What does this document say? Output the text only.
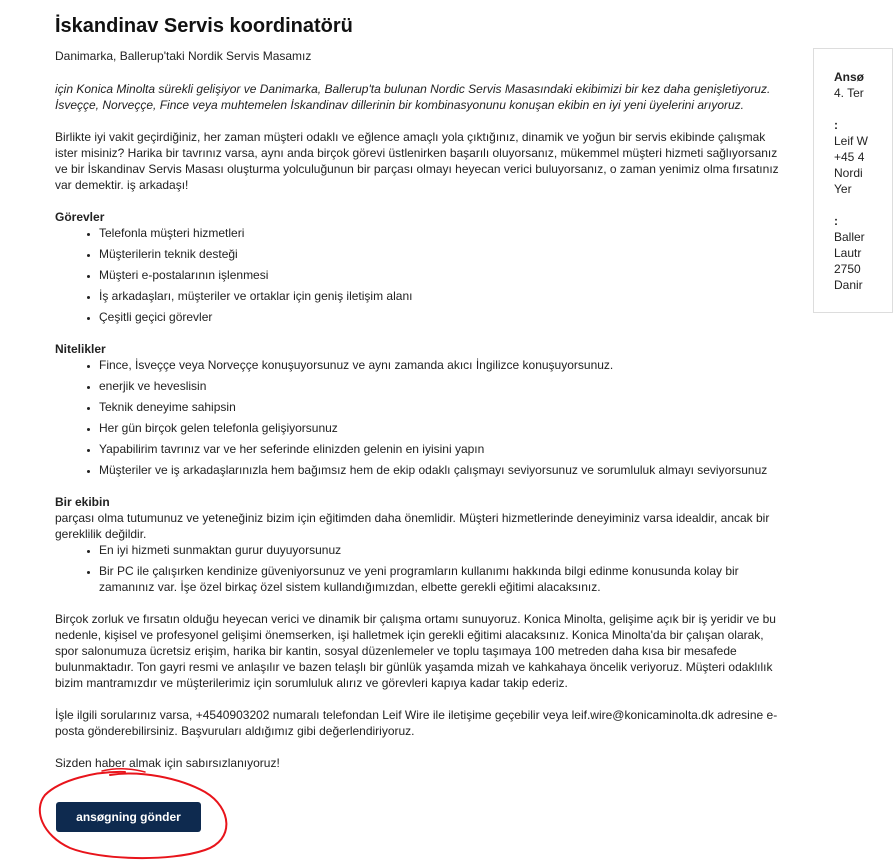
İskandinav Servis koordinatörü

Danimarka, Ballerup'taki Nordik Servis Masamız

için Konica Minolta sürekli gelişiyor ve Danimarka, Ballerup'ta bulunan Nordic Servis Masasındaki ekibimizi bir kez daha genişletiyoruz. İsveççe, Norveççe, Fince veya muhtemelen İskandinav dillerinin bir kombinasyonunu konuşan ekibin en iyi yeni üyelerini arıyoruz.

Birlikte iyi vakit geçirdiğiniz, her zaman müşteri odaklı ve eğlence amaçlı yola çıktığınız, dinamik ve yoğun bir servis ekibinde çalışmak ister misiniz? Harika bir tavrınız varsa, aynı anda birçok görevi üstlenirken başarılı oluyorsanız, mükemmel müşteri hizmeti sağlıyorsanız ve bir İskandinav Servis Masası oluşturma yolculuğunun bir parçası olmayı heyecan verici buluyorsanız, o zaman yenimiz olma fırsatınız var demektir. iş arkadaşı!

Görevler
• Telefonla müşteri hizmetleri
• Müşterilerin teknik desteği
• Müşteri e-postalarının işlenmesi
• İş arkadaşları, müşteriler ve ortaklar için geniş iletişim alanı
• Çeşitli geçici görevler
Nitelikler
• Fince, İsveççe veya Norveççe konuşuyorsunuz ve aynı zamanda akıcı İngilizce konuşuyorsunuz.
• enerjik ve heveslisin
• Teknik deneyime sahipsin
• Her gün birçok gelen telefonla gelişiyorsunuz
• Yapabilirim tavrınız var ve her seferinde elinizden gelenin en iyisini yapın
• Müşteriler ve iş arkadaşlarınızla hem bağımsız hem de ekip odaklı çalışmayı seviyorsunuz ve sorumluluk almayı seviyorsunuz
Bir ekibin

parçası olma tutumunuz ve yeteneğiniz bizim için eğitimden daha önemlidir. Müşteri hizmetlerinde deneyiminiz varsa idealdir, ancak bir gereklilik değildir.

• En iyi hizmeti sunmaktan gurur duyuyorsunuz
• Bir PC ile çalışırken kendinize güveniyorsunuz ve yeni programların kullanımı hakkında bilgi edinme konusunda kolay bir zamanınız var. İşe özel birkaç özel sistem kullandığımızdan, elbette gerekli eğitimi alacaksınız.

Birçok zorluk ve fırsatın olduğu heyecan verici ve dinamik bir çalışma ortamı sunuyoruz. Konica Minolta, gelişime açık bir iş yeridir ve bu nedenle, kişisel ve profesyonel gelişimi önemserken, işi halletmek için gerekli eğitimi alacaksınız. Konica Minolta'da bir çalışan olarak, spor salonumuza ücretsiz erişim, harika bir kantin, sosyal düzenlemeler ve toplu taşımaya 100 metreden daha kısa bir mesafede bulunmaktadır. Ton gayri resmi ve anlaşılır ve bazen telaşlı bir günlük yaşamda mizah ve kahkahaya öncelik veriyoruz. Müşteri odaklılık bizim mantramızdır ve müşterilerimiz için sorumluluk alırız ve görevleri kapıya kadar takip ederiz.

İşle ilgili sorularınız varsa, +4540903202 numaralı telefondan Leif Wire ile iletişime geçebilir veya leif.wire@konicaminolta.dk adresine e-posta gönderebilirsiniz. Başvuruları aldığımız gibi değerlendiriyoruz.

Sizden haber almak için sabırsızlanıyoruz!

ansøgning gönder
Ansø
4. Ter
:
Leif W
+45 4
Nordi
Yer
:
Baller
Lautr
2750
Danir
